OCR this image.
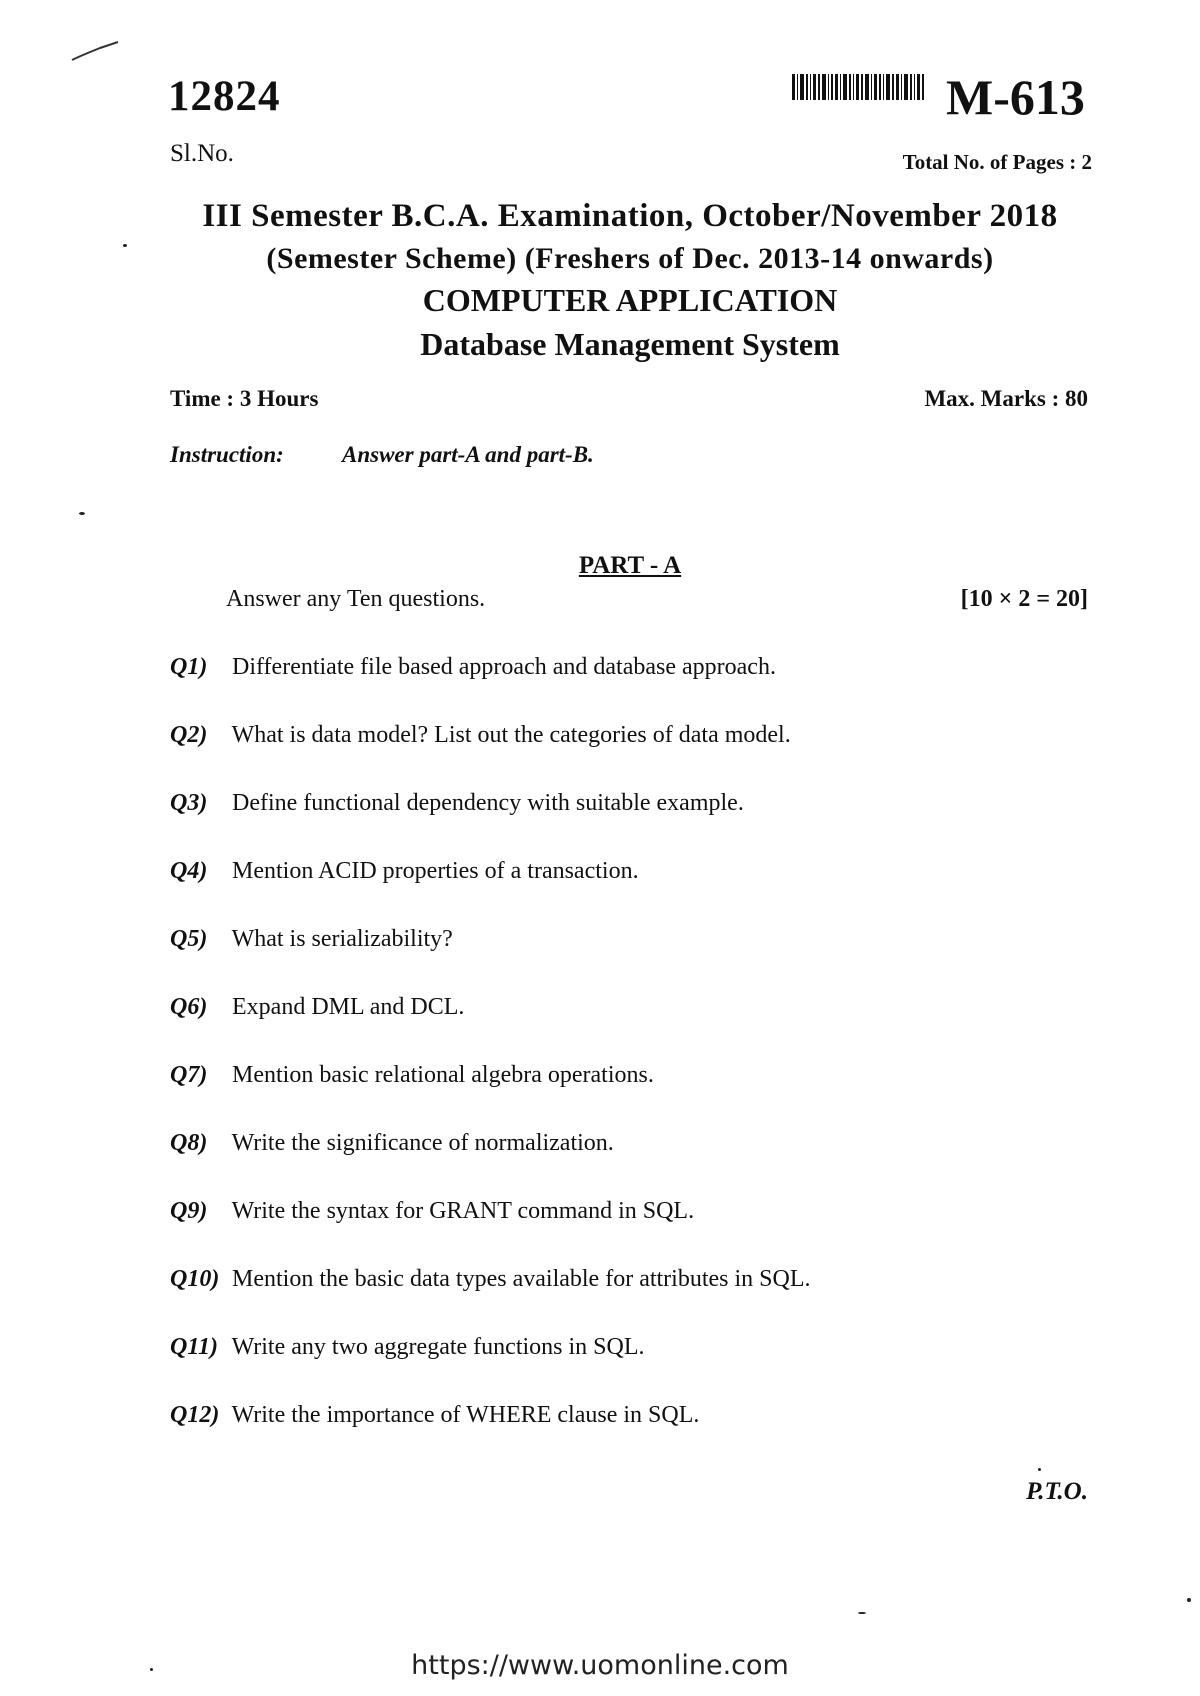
12824
Sl.No.
M-613
Total No. of Pages : 2
III Semester B.C.A. Examination, October/November 2018
(Semester Scheme) (Freshers of Dec. 2013-14 onwards)
COMPUTER APPLICATION
Database Management System
Time : 3 Hours	Max. Marks : 80
Instruction:	Answer part-A and part-B.
PART - A
Answer any Ten questions.	[10 × 2 = 20]
Q1) Differentiate file based approach and database approach.
Q2) What is data model? List out the categories of data model.
Q3) Define functional dependency with suitable example.
Q4) Mention ACID properties of a transaction.
Q5) What is serializability?
Q6) Expand DML and DCL.
Q7) Mention basic relational algebra operations.
Q8) Write the significance of normalization.
Q9) Write the syntax for GRANT command in SQL.
Q10) Mention the basic data types available for attributes in SQL.
Q11) Write any two aggregate functions in SQL.
Q12) Write the importance of WHERE clause in SQL.
P.T.O.
https://www.uomonline.com
